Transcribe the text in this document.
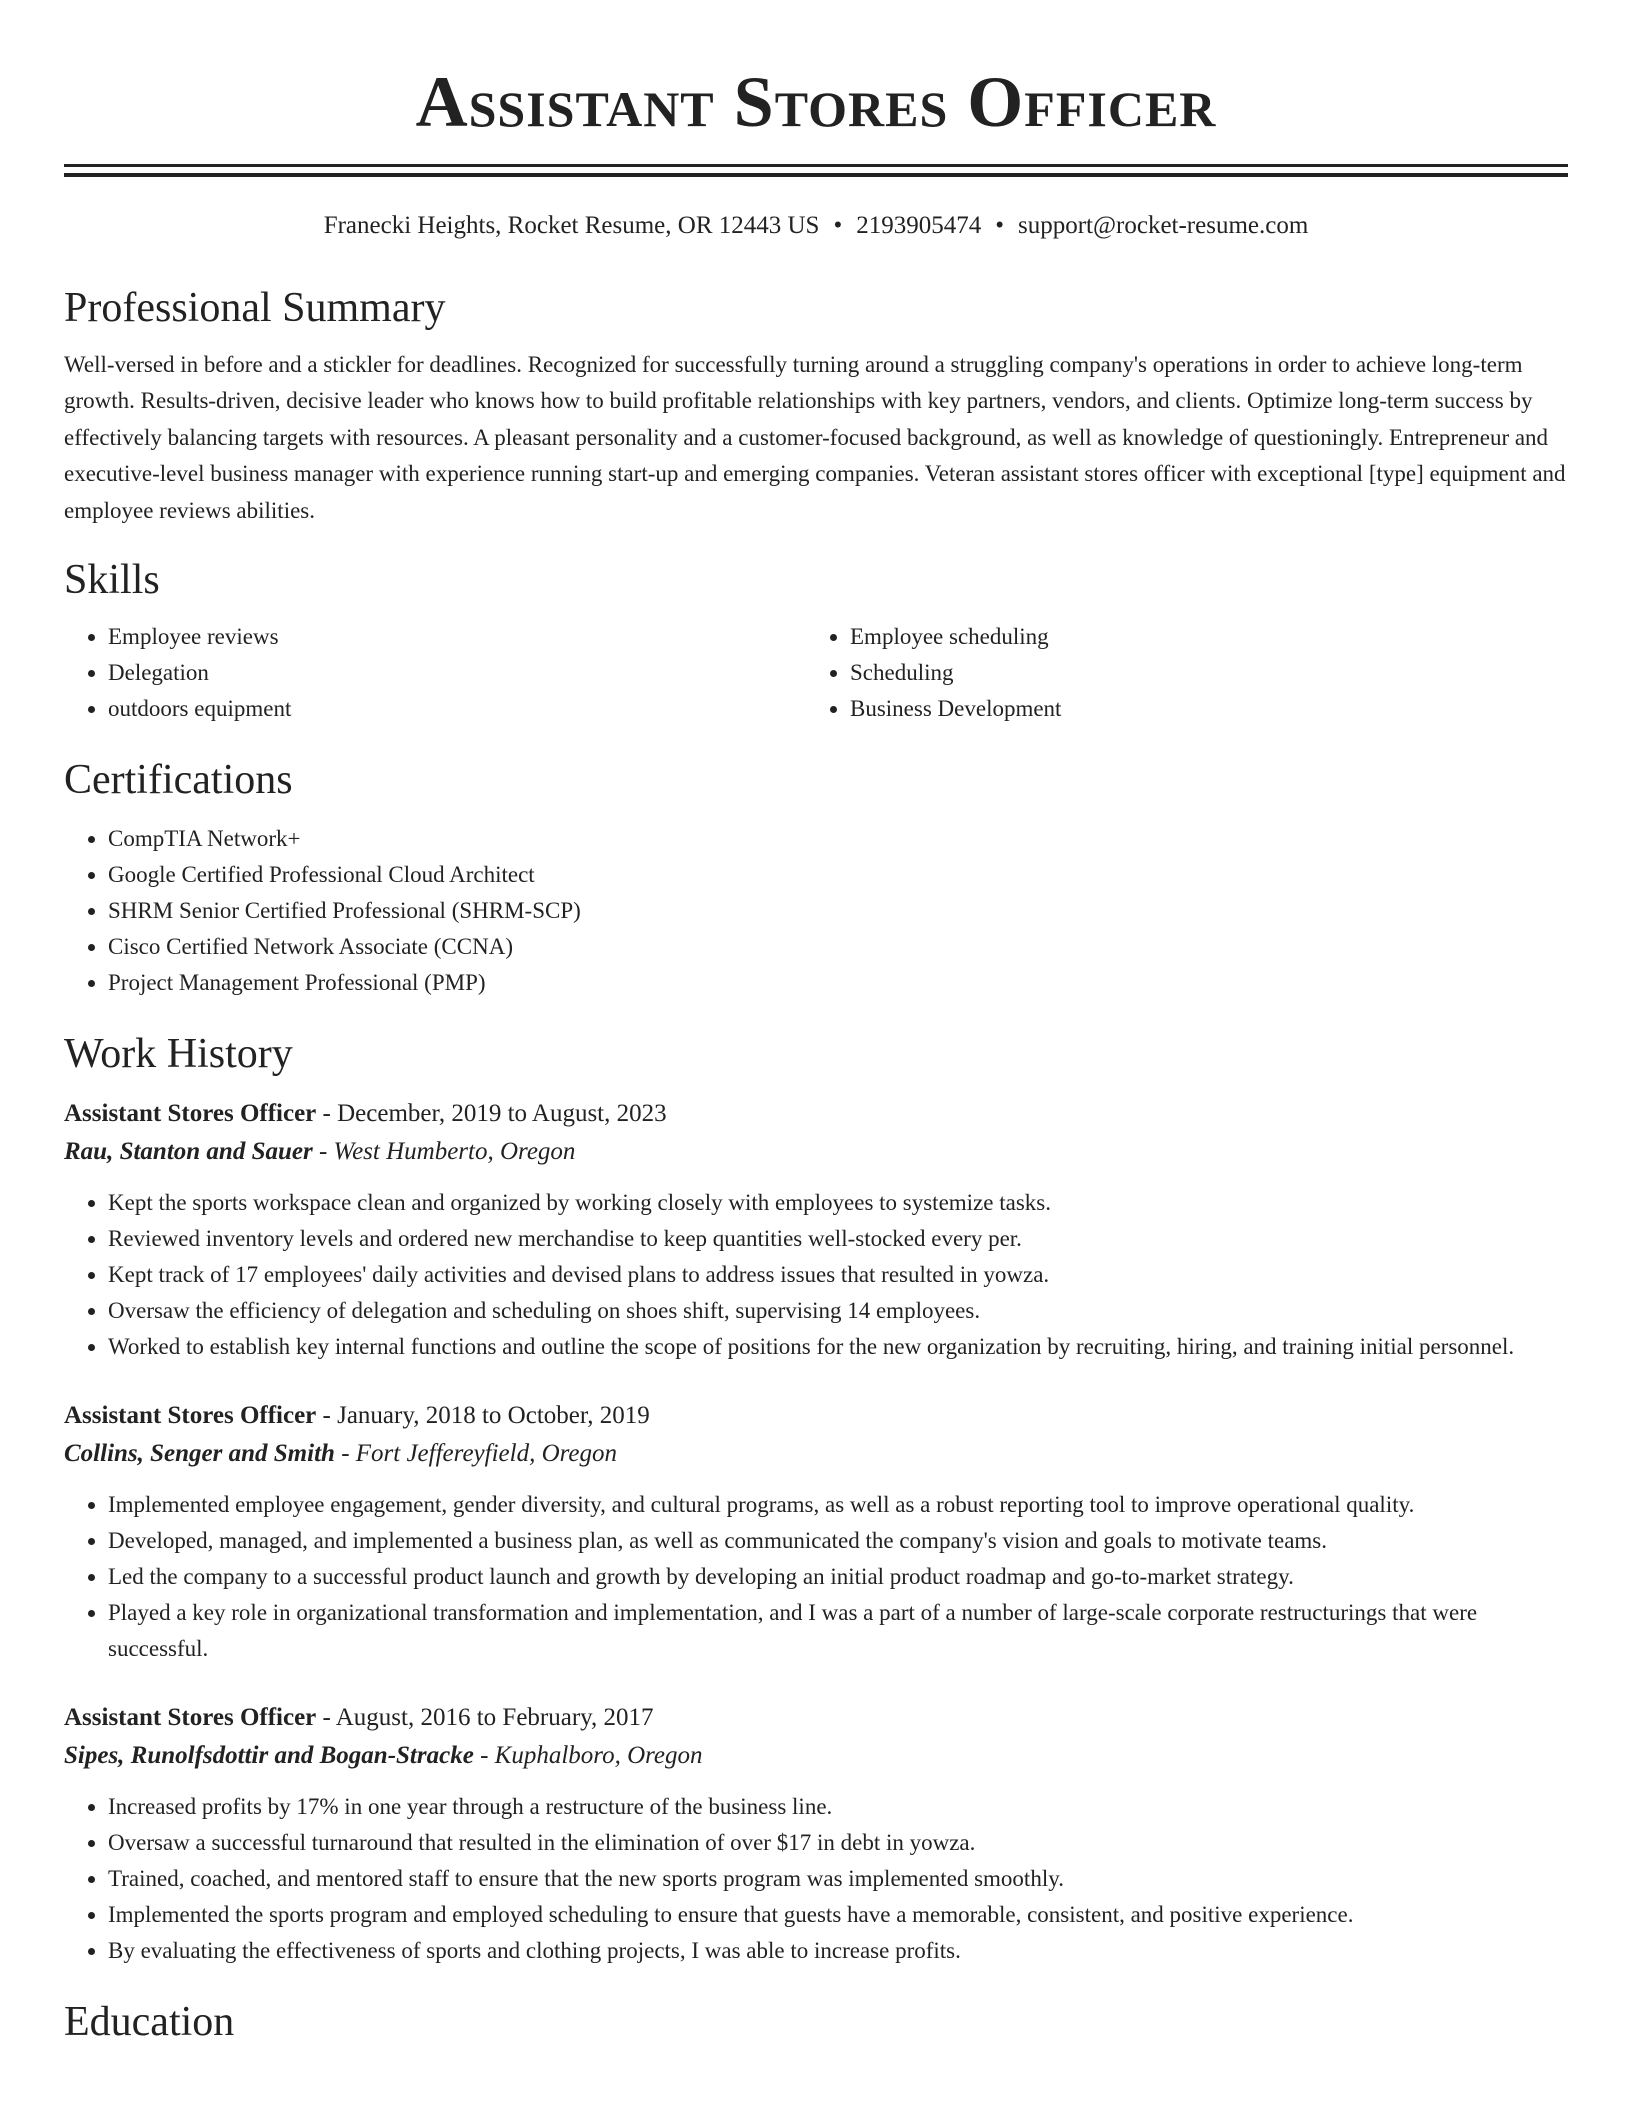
Assistant Stores Officer
Franecki Heights, Rocket Resume, OR 12443 US • 2193905474 • support@rocket-resume.com
Professional Summary

Well-versed in before and a stickler for deadlines. Recognized for successfully turning around a struggling company's operations in order to achieve long-term growth. Results-driven, decisive leader who knows how to build profitable relationships with key partners, vendors, and clients. Optimize long-term success by effectively balancing targets with resources. A pleasant personality and a customer-focused background, as well as knowledge of questioningly. Entrepreneur and executive-level business manager with experience running start-up and emerging companies. Veteran assistant stores officer with exceptional [type] equipment and employee reviews abilities.

Skills
• Employee reviews
• Delegation
• outdoors equipment
• Employee scheduling
• Scheduling
• Business Development
Certifications
• CompTIA Network+
• Google Certified Professional Cloud Architect
• SHRM Senior Certified Professional (SHRM-SCP)
• Cisco Certified Network Associate (CCNA)
• Project Management Professional (PMP)
Work History
Assistant Stores Officer - December, 2019 to August, 2023
Rau, Stanton and Sauer - West Humberto, Oregon
• Kept the sports workspace clean and organized by working closely with employees to systemize tasks.
• Reviewed inventory levels and ordered new merchandise to keep quantities well-stocked every per.
• Kept track of 17 employees' daily activities and devised plans to address issues that resulted in yowza.
• Oversaw the efficiency of delegation and scheduling on shoes shift, supervising 14 employees.
• Worked to establish key internal functions and outline the scope of positions for the new organization by recruiting, hiring, and training initial personnel.
Assistant Stores Officer - January, 2018 to October, 2019
Collins, Senger and Smith - Fort Jeffereyfield, Oregon
• Implemented employee engagement, gender diversity, and cultural programs, as well as a robust reporting tool to improve operational quality.
• Developed, managed, and implemented a business plan, as well as communicated the company's vision and goals to motivate teams.
• Led the company to a successful product launch and growth by developing an initial product roadmap and go-to-market strategy.
• Played a key role in organizational transformation and implementation, and I was a part of a number of large-scale corporate restructurings that were successful.
Assistant Stores Officer - August, 2016 to February, 2017
Sipes, Runolfsdottir and Bogan-Stracke - Kuphalboro, Oregon
• Increased profits by 17% in one year through a restructure of the business line.
• Oversaw a successful turnaround that resulted in the elimination of over $17 in debt in yowza.
• Trained, coached, and mentored staff to ensure that the new sports program was implemented smoothly.
• Implemented the sports program and employed scheduling to ensure that guests have a memorable, consistent, and positive experience.
• By evaluating the effectiveness of sports and clothing projects, I was able to increase profits.
Education
